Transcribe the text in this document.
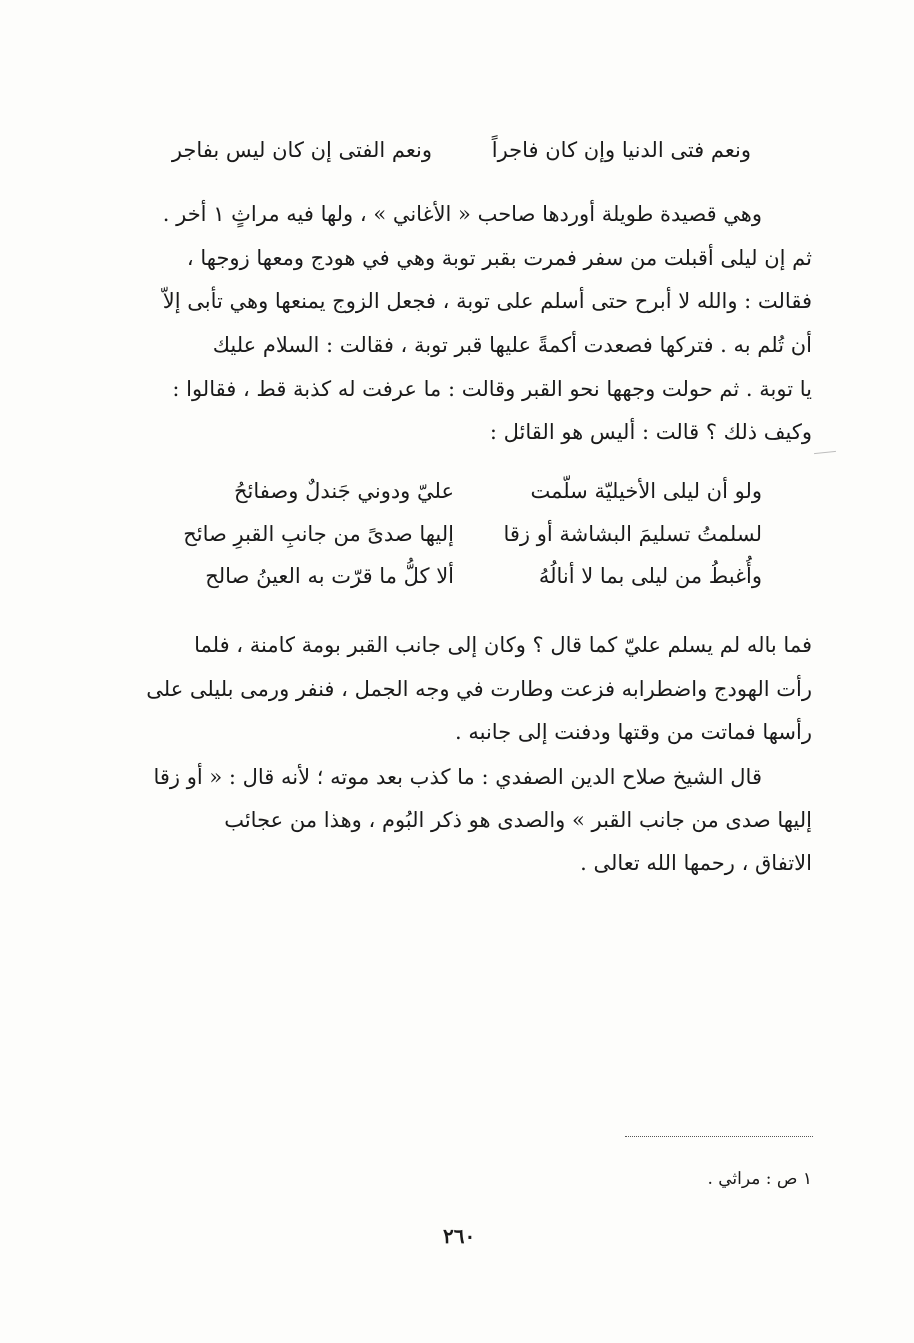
ونعم فتى الدنيا وإن كان فاجراً
ونعم الفتى إن كان ليس بفاجر
وهي قصيدة طويلة أوردها صاحب « الأغاني » ، ولها فيه مراثٍ ١ أخر .
ثم إن ليلى أقبلت من سفر فمرت بقبر توبة وهي في هودج ومعها زوجها ،
فقالت : والله لا أبرح حتى أسلم على توبة ، فجعل الزوج يمنعها وهي تأبى إلاّ
أن تُلم به . فتركها فصعدت أكمةً عليها قبر توبة ، فقالت : السلام عليك
يا توبة . ثم حولت وجهها نحو القبر وقالت : ما عرفت له كذبة قط ، فقالوا :
وكيف ذلك ؟ قالت : أليس هو القائل :
ولو أن ليلى الأخيليّة سلّمت
عليّ ودوني جَندلٌ وصفائحُ
لسلمتُ تسليمَ البشاشة أو زقا
إليها صدىً من جانبِ القبرِ صائح
وأُغبطُ من ليلى بما لا أنالُهُ
ألا كلُّ ما قرّت به العينُ صالح
فما باله لم يسلم عليّ كما قال ؟ وكان إلى جانب القبر بومة كامنة ، فلما
رأت الهودج واضطرابه فزعت وطارت في وجه الجمل ، فنفر ورمى بليلى على
رأسها فماتت من وقتها ودفنت إلى جانبه .
قال الشيخ صلاح الدين الصفدي : ما كذب بعد موته ؛ لأنه قال : « أو زقا
إليها صدى من جانب القبر » والصدى هو ذكر البُوم ، وهذا من عجائب
الاتفاق ، رحمها الله تعالى .
١ ص : مراثي .
٢٦٠
